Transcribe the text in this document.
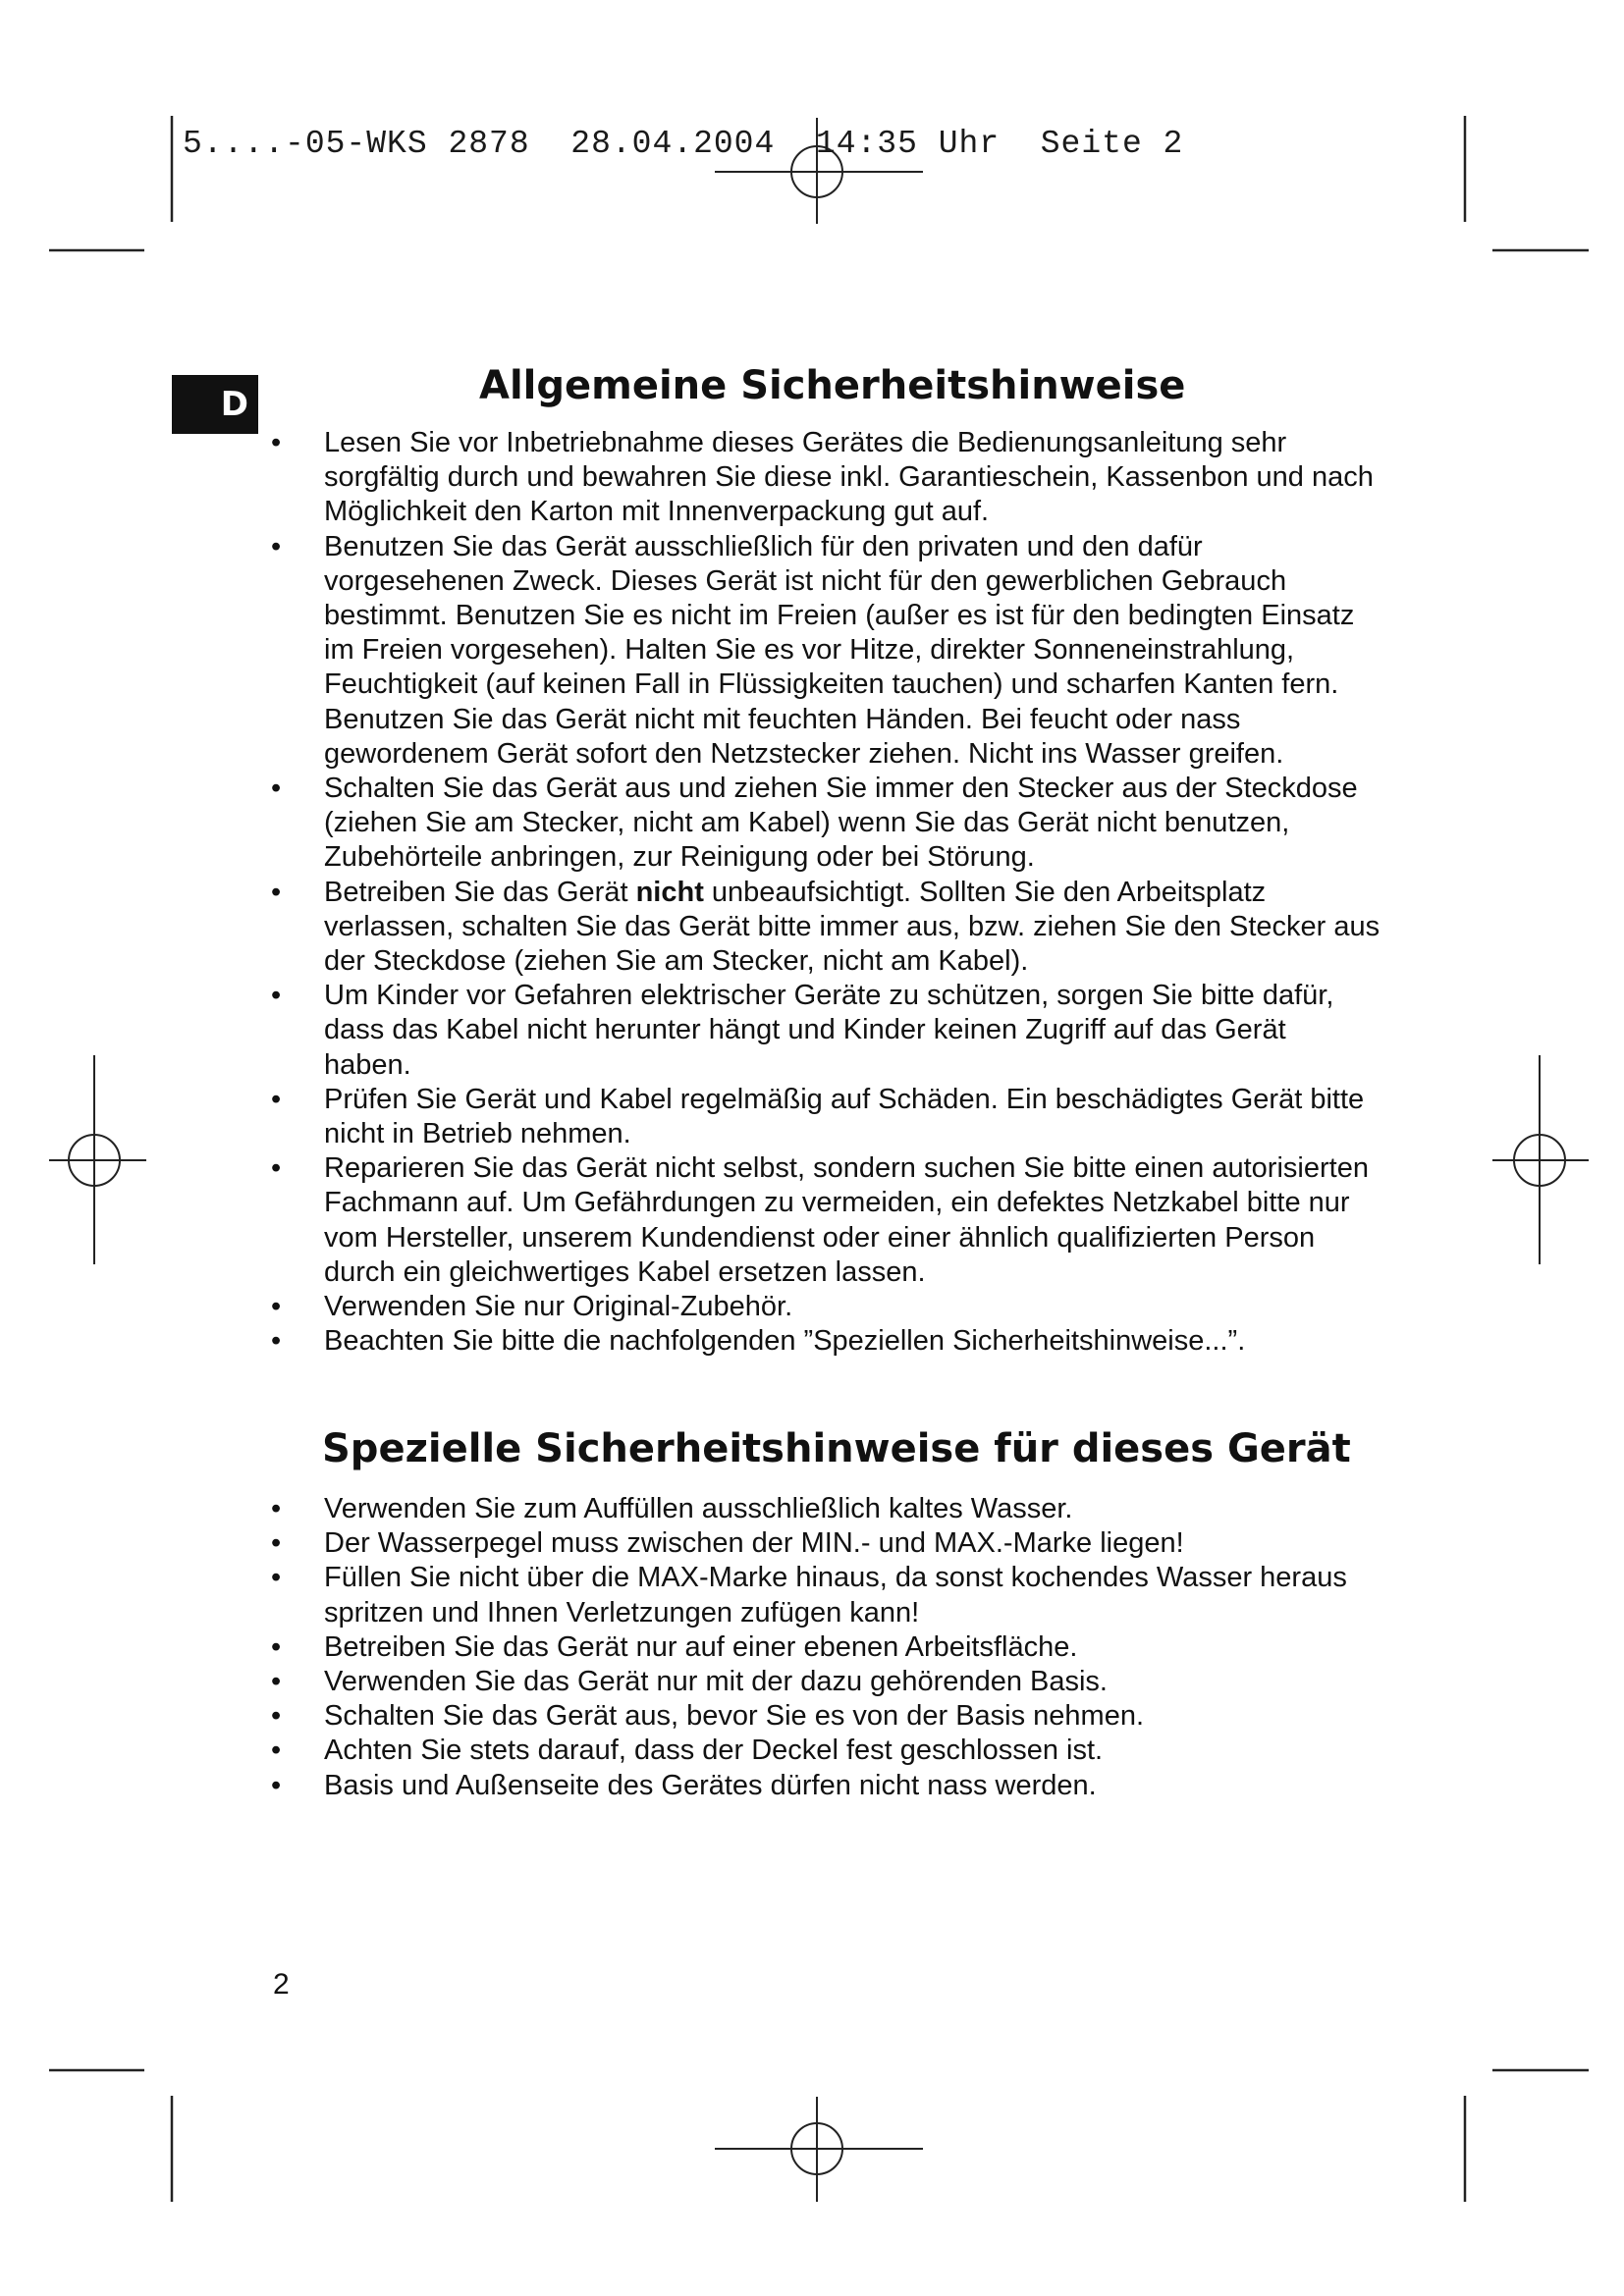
5....-05-WKS 2878  28.04.2004  14:35 Uhr  Seite 2

D	Allgemeine Sicherheitshinweise
• Lesen Sie vor Inbetriebnahme dieses Gerätes die Bedienungsanleitung sehr sorgfältig durch und bewahren Sie diese inkl. Garantieschein, Kassenbon und nach Möglichkeit den Karton mit Innenverpackung gut auf.
• Benutzen Sie das Gerät ausschließlich für den privaten und den dafür vorgesehenen Zweck. Dieses Gerät ist nicht für den gewerblichen Gebrauch bestimmt. Benutzen Sie es nicht im Freien (außer es ist für den bedingten Einsatz im Freien vorgesehen). Halten Sie es vor Hitze, direkter Sonneneinstrahlung, Feuchtigkeit (auf keinen Fall in Flüssigkeiten tauchen) und scharfen Kanten fern. Benutzen Sie das Gerät nicht mit feuchten Händen. Bei feucht oder nass gewordenem Gerät sofort den Netzstecker ziehen. Nicht ins Wasser greifen.
• Schalten Sie das Gerät aus und ziehen Sie immer den Stecker aus der Steckdose (ziehen Sie am Stecker, nicht am Kabel) wenn Sie das Gerät nicht benutzen, Zubehörteile anbringen, zur Reinigung oder bei Störung.
• Betreiben Sie das Gerät nicht unbeaufsichtigt. Sollten Sie den Arbeitsplatz verlassen, schalten Sie das Gerät bitte immer aus, bzw. ziehen Sie den Stecker aus der Steckdose (ziehen Sie am Stecker, nicht am Kabel).
• Um Kinder vor Gefahren elektrischer Geräte zu schützen, sorgen Sie bitte dafür, dass das Kabel nicht herunter hängt und Kinder keinen Zugriff auf das Gerät haben.
• Prüfen Sie Gerät und Kabel regelmäßig auf Schäden. Ein beschädigtes Gerät bitte nicht in Betrieb nehmen.
• Reparieren Sie das Gerät nicht selbst, sondern suchen Sie bitte einen autorisierten Fachmann auf. Um Gefährdungen zu vermeiden, ein defektes Netzkabel bitte nur vom Hersteller, unserem Kundendienst oder einer ähnlich qualifizierten Person durch ein gleichwertiges Kabel ersetzen lassen.
• Verwenden Sie nur Original-Zubehör.
• Beachten Sie bitte die nachfolgenden ”Speziellen Sicherheitshinweise...”.
Spezielle Sicherheitshinweise für dieses Gerät
• Verwenden Sie zum Auffüllen ausschließlich kaltes Wasser.
• Der Wasserpegel muss zwischen der MIN.- und MAX.-Marke liegen!
• Füllen Sie nicht über die MAX-Marke hinaus, da sonst kochendes Wasser heraus spritzen und Ihnen Verletzungen zufügen kann!
• Betreiben Sie das Gerät nur auf einer ebenen Arbeitsfläche.
• Verwenden Sie das Gerät nur mit der dazu gehörenden Basis.
• Schalten Sie das Gerät aus, bevor Sie es von der Basis nehmen.
• Achten Sie stets darauf, dass der Deckel fest geschlossen ist.
• Basis und Außenseite des Gerätes dürfen nicht nass werden.
2
